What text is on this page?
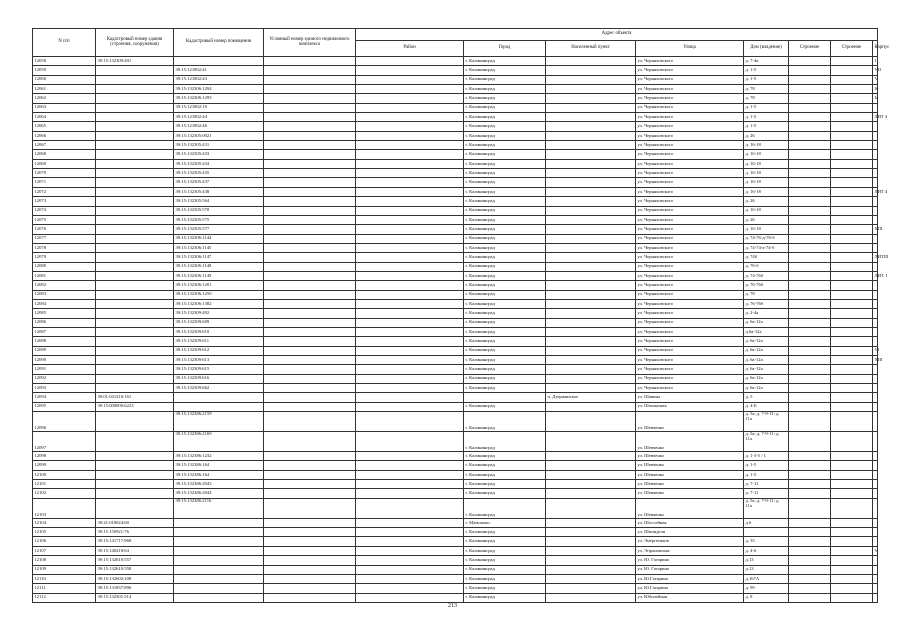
N п/п	Кадастровый номер здания (строения, сооружения)	Кадастровый номер помещения	Условный номер единого недвижимого комплекса	Адрес объекта							
				Район	Город	Населенный пункт	Улица	Дом (владение)	Строение	Строение	Корпус
12058	39:15:132309:491				г. Калининград		ул. Черняховского	д. 7-4а			I
12059		39:15:121802:41			г. Калининград		ул. Черняховского	д. 1-5			VII
12060		39:15:121802:43			г. Калининград		ул. Черняховского	д. 1-5			V
12061		39:15:132306:1294			г. Калининград		ул. Черняховского	д. 78			Iб
12062		39:15:132306:1295			г. Калининград		ул. Черняховского	д. 78			Iа
12063		39:15:121802:19			г. Калининград		ул. Черняховского	д. 1-5			
12064		39:15:121802:44			г. Калининград		ул. Черняховского	д. 1-5			ЛИТ 4
12065		39:15:121802:46			г. Калининград		ул. Черняховского	д. 1-5			
12066		39:15:132305:0021			г. Калининград		ул. Черняховского	д. 26			
12067		39:15:132305:431			г. Калининград		ул. Черняховского	д. 16-18			
12068		39:15:132305:433			г. Калининград		ул. Черняховского	д. 16-18			
12069		39:15:132305:434			г. Калининград		ул. Черняховского	д. 16-18			
12070		39:15:132305:435			г. Калининград		ул. Черняховского	д. 16-18			
12071		39:15:132305:437			г. Калининград		ул. Черняховского	д. 16-18			
12072		39:15:132305:438			г. Калининград		ул. Черняховского	д. 16-18			ЛИТ 4
12073		39:15:132305:564			г. Калининград		ул. Черняховского	д. 26			
12074		39:15:132305:570			г. Калининград		ул. Черняховского	д. 16-18			
12075		39:15:132305:575			г. Калининград		ул. Черняховского	д. 26			
12076		39:15:132305:577			г. Калининград		ул. Черняховского	д. 16-18			XIII
12077		39:15:132306:1144			г. Калининград		ул. Черняховского	д. 74-76-д-76-б			
12078		39:15:132306:1145			г. Калининград		ул. Черняховского	д. 74-74-а-74-б			
12079		39:15:132306:1147			г. Калининград		ул. Черняховского	д. 74б			ЛИТIII
12080		39:15:132306:1148			г. Калининград		ул. Черняховского	д. 76-б			
12081		39:15:132306:1149			г. Калининград		ул. Черняховского	д. 74-76б			ЛИТ. I
12082		39:15:132306:1201			г. Калининград		ул. Черняховского	д. 76-76б			
12083		39:15:132306:1250			г. Калининград		ул. Черняховского	д. 78			
12084		39:15:132306:1382			г. Калининград		ул. Черняховского	д. 76-76б			
12085		39:15:132309:492			г. Калининград		ул. Черняховского	д. 2-4а			
12086		39:15:132309:609			г. Калининград		ул. Черняховского	д. 6а-12а			
12087		39:15:132309:610			г. Калининград		ул. Черняховского	д.6а-12а			
12088		39:15:132309:611			г. Калининград		ул. Черняховского	д. 6а-12а			
12089		39:15:132309:612			г. Калининград		ул. Черняховского	д. 6а-12а			VI
12090		39:15:132309:613			г. Калининград		ул. Черняховского	д. 6а-12а			XIII
12091		39:15:132309:615			г. Калининград		ул. Черняховского	д. 6а-12а			
12092		39:15:132309:616			г. Калининград		ул. Черняховского	д. 6а-12а			
12093		39:15:132309:662			г. Калининград		ул. Черняховского	д. 6а-12а			
12094	39:01:041210:161					п. Дзержинское	ул. Шавина	д. 5			
12095	39:15:000000:6223				г. Калининград		ул. Шахматная	д. 4-Б			
12096		39:15:132386:2159			г. Калининград		ул. Шевченко	д. 5а; д. 7-9-11; д. 11а			
12097		39:15:132386:2169			г. Калининград		ул. Шевченко	д. 5а; д. 7-9-11; д. 11а			
12098		39:15:132386:1232			г. Калининград		ул. Шевченко	д. 1-3-5 / 1			
12099		39:15:132386:164			г. Калининград		ул. Шевченко	д. 1-5			
12100		39:15:132386:164			г. Калининград		ул. Шевченко	д. 1-5			
12101		39:15:132386:2043			г. Калининград		ул. Шевченко	д. 7-11			
12102		39:15:132386:2044			г. Калининград		ул. Шевченко	д. 7-11			
12103		39:15:132386:2116			г. Калининград		ул. Шевченко	д. 5а; д. 7-9-11; д. 11а			
12104	39:21:010024:60				г. Мамоново		ул. Шоссейная	д.6			
12105	39:15:150921:76				г. Калининград		ул. Шпинделя				
12106	39:15:141717:968				г. Калининград		ул. Энергетиков	д. 35			
12107	39:15:140418:64				г. Калининград		ул. Эпроновская	д. 4-6			V
12108	39:15:132610:557				г. Калининград		ул. Ю. Гагарина	д.13			
12109	39:15:132610:558				г. Калининград		ул. Ю. Гагарина	д.13			
12110	39:15:132602:108				г. Калининград		ул. Ю.Гагарина	д.167А			
12111	39:15:131837:896				г. Калининград		ул. Ю.Гагарина	д. 99			
12112	39:15:132501:514				г. Калининград		ул. Юбилейная	д. 8			
213
